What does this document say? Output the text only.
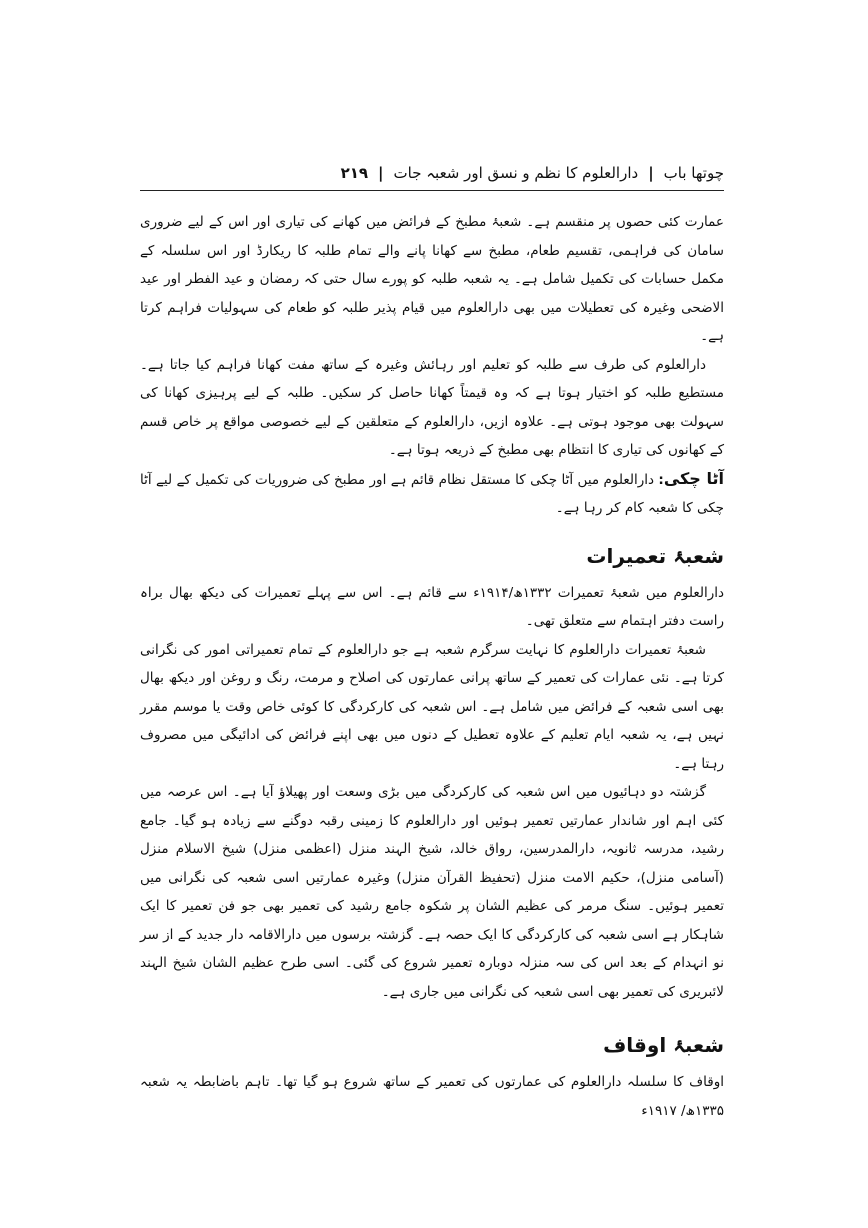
چوتھا باب
|
دارالعلوم کا نظم و نسق اور شعبہ جات
|
۲۱۹

عمارت کئی حصوں پر منقسم ہے۔ شعبۂ مطبخ کے فرائض میں کھانے کی تیاری اور اس کے لیے ضروری سامان کی فراہمی، تقسیم طعام، مطبخ سے کھانا پانے والے تمام طلبہ کا ریکارڈ اور اس سلسلہ کے مکمل حسابات کی تکمیل شامل ہے۔ یہ شعبہ طلبہ کو پورے سال حتی کہ رمضان و عید الفطر اور عید الاضحی وغیرہ کی تعطیلات میں بھی دارالعلوم میں قیام پذیر طلبہ کو طعام کی سہولیات فراہم کرتا ہے۔

دارالعلوم کی طرف سے طلبہ کو تعلیم اور رہائش وغیرہ کے ساتھ مفت کھانا فراہم کیا جاتا ہے۔ مستطیع طلبہ کو اختیار ہوتا ہے کہ وہ قیمتاً کھانا حاصل کر سکیں۔ طلبہ کے لیے پرہیزی کھانا کی سہولت بھی موجود ہوتی ہے۔ علاوہ ازیں، دارالعلوم کے متعلقین کے لیے خصوصی مواقع پر خاص قسم کے کھانوں کی تیاری کا انتظام بھی مطبخ کے ذریعہ ہوتا ہے۔

آٹا چکی: دارالعلوم میں آٹا چکی کا مستقل نظام قائم ہے اور مطبخ کی ضروریات کی تکمیل کے لیے آٹا چکی کا شعبہ کام کر رہا ہے۔

شعبۂ تعمیرات

دارالعلوم میں شعبۂ تعمیرات ۱۳۳۲ھ/۱۹۱۴ء سے قائم ہے۔ اس سے پہلے تعمیرات کی دیکھ بھال براہ راست دفتر اہتمام سے متعلق تھی۔

شعبۂ تعمیرات دارالعلوم کا نہایت سرگرم شعبہ ہے جو دارالعلوم کے تمام تعمیراتی امور کی نگرانی کرتا ہے۔ نئی عمارات کی تعمیر کے ساتھ پرانی عمارتوں کی اصلاح و مرمت، رنگ و روغن اور دیکھ بھال بھی اسی شعبہ کے فرائض میں شامل ہے۔ اس شعبہ کی کارکردگی کا کوئی خاص وقت یا موسم مقرر نہیں ہے، یہ شعبہ ایام تعلیم کے علاوہ تعطیل کے دنوں میں بھی اپنے فرائض کی ادائیگی میں مصروف رہتا ہے۔

گزشتہ دو دہائیوں میں اس شعبہ کی کارکردگی میں بڑی وسعت اور پھیلاؤ آیا ہے۔ اس عرصہ میں کئی اہم اور شاندار عمارتیں تعمیر ہوئیں اور دارالعلوم کا زمینی رقبہ دوگنے سے زیادہ ہو گیا۔ جامع رشید، مدرسہ ثانویہ، دارالمدرسین، رواق خالد، شیخ الہند منزل (اعظمی منزل) شیخ الاسلام منزل (آسامی منزل)، حکیم الامت منزل (تحفیظ القرآن منزل) وغیرہ عمارتیں اسی شعبہ کی نگرانی میں تعمیر ہوئیں۔ سنگ مرمر کی عظیم الشان پر شکوہ جامع رشید کی تعمیر بھی جو فن تعمیر کا ایک شاہکار ہے اسی شعبہ کی کارکردگی کا ایک حصہ ہے۔ گزشتہ برسوں میں دارالاقامہ دار جدید کے از سر نو انہدام کے بعد اس کی سہ منزلہ دوبارہ تعمیر شروع کی گئی۔ اسی طرح عظیم الشان شیخ الہند لائبریری کی تعمیر بھی اسی شعبہ کی نگرانی میں جاری ہے۔

شعبۂ اوقاف

اوقاف کا سلسلہ دارالعلوم کی عمارتوں کی تعمیر کے ساتھ شروع ہو گیا تھا۔ تاہم باضابطہ یہ شعبہ ۱۳۳۵ھ/ ۱۹۱۷ء
